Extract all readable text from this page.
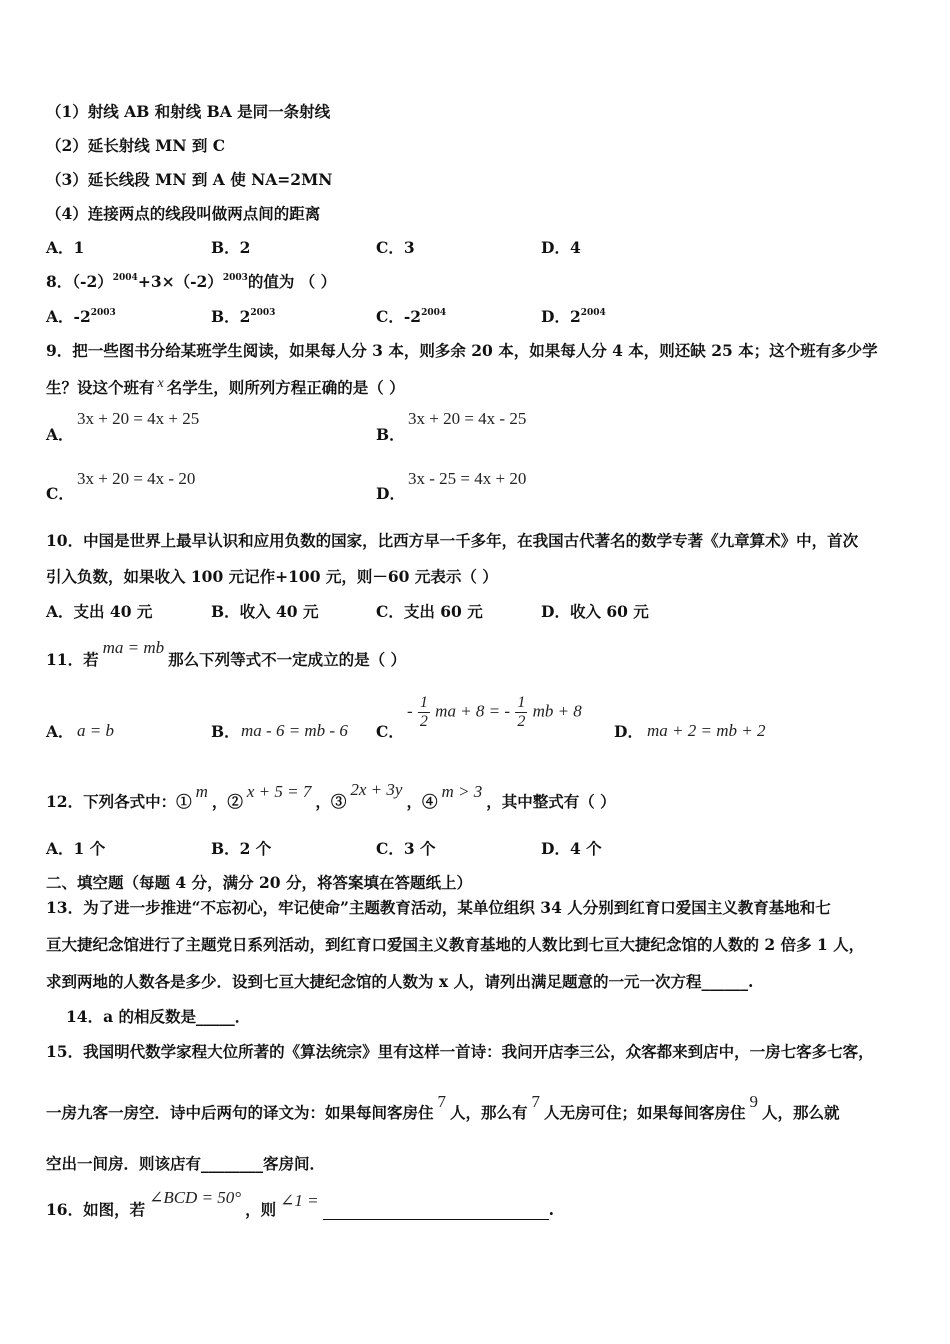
（1）射线 AB 和射线 BA 是同一条射线
（2）延长射线 MN 到 C
（3）延长线段 MN 到 A 使 NA=2MN
（4）连接两点的线段叫做两点间的距离
A．1	B．2	C．3	D．4
8．$(-2)^{2004}+3\times(-2)^{2003}$的值为 （ ）
A．$-2^{2003}$	B．$2^{2003}$	C．$-2^{2004}$	D．$2^{2004}$
9．把一些图书分给某班学生阅读，如果每人分 3 本，则多余 20 本，如果每人分 4 本，则还缺 25 本；这个班有多少学
生？设这个班有 x 名学生，则所列方程正确的是（ ）
A．
3x + 20 = 4x + 25
B．
3x + 20 = 4x - 25
C．
3x + 20 = 4x - 20
D．
3x - 25 = 4x + 20
10．中国是世界上最早认识和应用负数的国家，比西方早一千多年，在我国古代著名的数学专著《九章算术》中，首次
引入负数，如果收入 100 元记作+100 元，则－60 元表示（ ）
A．支出 40 元	B．收入 40 元	C．支出 60 元	D．收入 60 元
11．若ma = mb那么下列等式不一定成立的是（ ）
A． a = b	B． ma - 6 = mb - 6 C．
- $\frac{1}{2}$ ma + 8 = - $\frac{1}{2}$ mb + 8
D． ma + 2 = mb + 2
12．下列各式中：①m，②x + 5 = 7，③2x + 3y，④m > 3，其中整式有（ ）
A．1 个	B．2 个	C．3 个	D．4 个
二、填空题（每题 4 分，满分 20 分，将答案填在答题纸上）
13．为了进一步推进“不忘初心，牢记使命”主题教育活动，某单位组织 34 人分别到红育口爱国主义教育基地和七
亘大捷纪念馆进行了主题党日系列活动，到红育口爱国主义教育基地的人数比到七亘大捷纪念馆的人数的 2 倍多 1 人，
求到两地的人数各是多少．设到七亘大捷纪念馆的人数为 x 人，请列出满足题意的一元一次方程______.
14．a 的相反数是_____．
15．我国明代数学家程大位所著的《算法统宗》里有这样一首诗：我问开店李三公，众客都来到店中，一房七客多七客，
一房九客一房空．诗中后两句的译文为：如果每间客房住7人，那么有7人无房可住；如果每间客房住9人，那么就
空出一间房．则该店有________客房间．
16．如图，若∠BCD = 50°，则 ∠1 =	.
